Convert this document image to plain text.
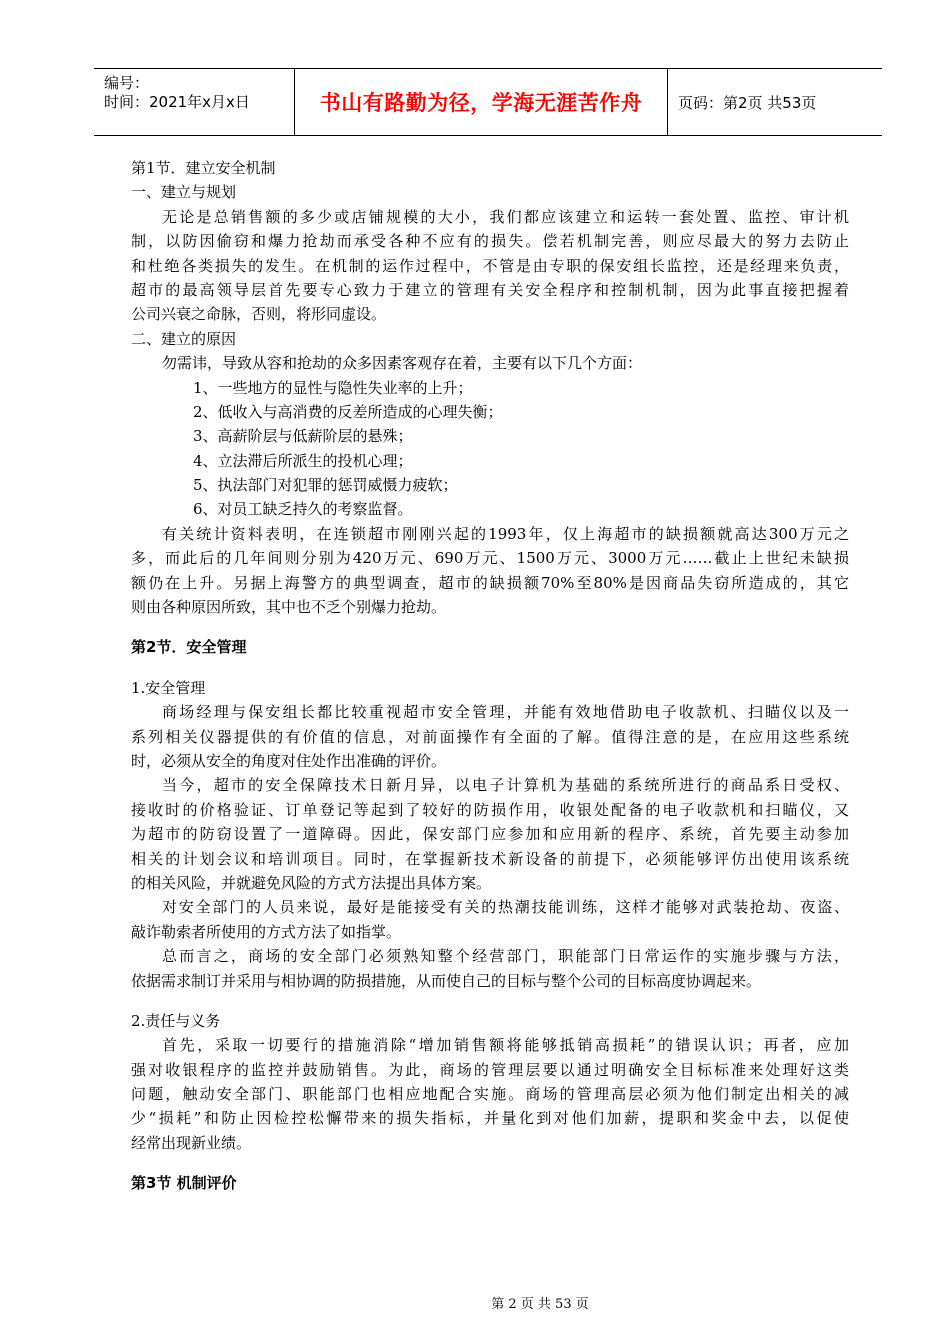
编号：
时间：2021年x月x日	书山有路勤为径，学海无涯苦作舟 页码：第2页 共53页
第1节．建立安全机制
一、建立与规划
无论是总销售额的多少或店铺规模的大小，我们都应该建立和运转一套处置、监控、审计机
制，以防因偷窃和爆力抢劫而承受各种不应有的损失。偿若机制完善，则应尽最大的努力去防止
和杜绝各类损失的发生。在机制的运作过程中，不管是由专职的保安组长监控，还是经理来负责，
超市的最高领导层首先要专心致力于建立的管理有关安全程序和控制机制，因为此事直接把握着
公司兴衰之命脉，否则，将形同虚设。
二、建立的原因
勿需讳，导致从容和抢劫的众多因素客观存在着，主要有以下几个方面：
1、一些地方的显性与隐性失业率的上升；
2、低收入与高消费的反差所造成的心理失衡；
3、高薪阶层与低薪阶层的悬殊；
4、立法滞后所派生的投机心理；
5、执法部门对犯罪的惩罚威慑力疲软；
6、对员工缺乏持久的考察监督。
有关统计资料表明，在连锁超市刚刚兴起的1993年，仅上海超市的缺损额就高达300万元之
多，而此后的几年间则分别为420万元、690万元、1500万元、3000万元……截止上世纪未缺损
额仍在上升。另据上海警方的典型调查，超市的缺损额70%至80%是因商品失窃所造成的，其它
则由各种原因所致，其中也不乏个别爆力抢劫。
第2节．安全管理
1.安全管理
商场经理与保安组长都比较重视超市安全管理，并能有效地借助电子收款机、扫瞄仪以及一
系列相关仪器提供的有价值的信息，对前面操作有全面的了解。值得注意的是，在应用这些系统
时，必须从安全的角度对住处作出准确的评价。
当今，超市的安全保障技术日新月异，以电子计算机为基础的系统所进行的商品系日受权、
接收时的价格验证、订单登记等起到了较好的防损作用，收银处配备的电子收款机和扫瞄仪，又
为超市的防窃设置了一道障碍。因此，保安部门应参加和应用新的程序、系统，首先要主动参加
相关的计划会议和培训项目。同时，在掌握新技术新设备的前提下，必须能够评仿出使用该系统
的相关风险，并就避免风险的方式方法提出具体方案。
对安全部门的人员来说，最好是能接受有关的热潮技能训练，这样才能够对武装抢劫、夜盗、
敲诈勒索者所使用的方式方法了如指掌。
总而言之，商场的安全部门必须熟知整个经营部门，职能部门日常运作的实施步骤与方法，
依据需求制订并采用与相协调的防损措施，从而使自己的目标与整个公司的目标高度协调起来。
2.责任与义务
首先，采取一切要行的措施消除“增加销售额将能够抵销高损耗”的错误认识；再者，应加
强对收银程序的监控并鼓励销售。为此，商场的管理层要以通过明确安全目标标准来处理好这类
问题，触动安全部门、职能部门也相应地配合实施。商场的管理高层必须为他们制定出相关的减
少“损耗”和防止因检控松懈带来的损失指标，并量化到对他们加薪，提职和奖金中去，以促使
经常出现新业绩。
第3节 机制评价
第 2 页 共 53 页
